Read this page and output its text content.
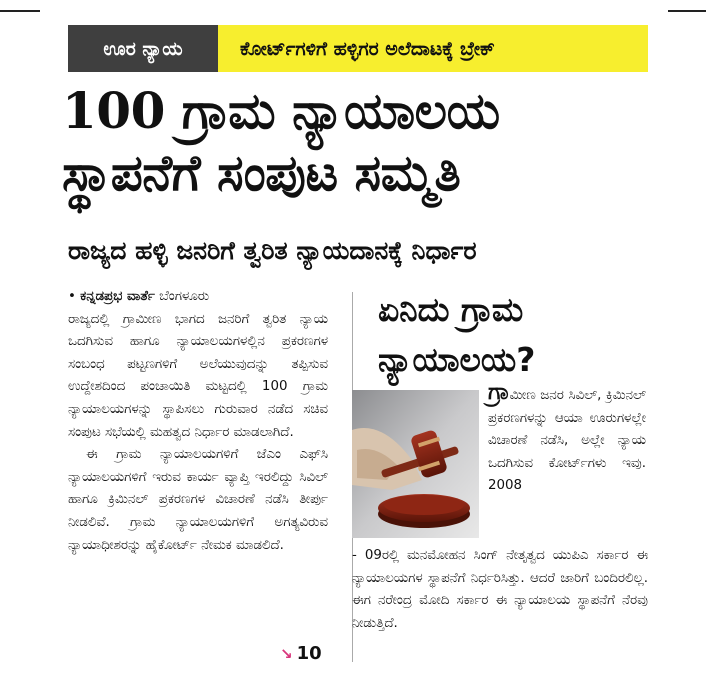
ಊರ ನ್ಯಾಯ	ಕೋರ್ಟ್‌ಗಳಿಗೆ ಹಳ್ಳಿಗರ ಅಲೆದಾಟಕ್ಕೆ ಬ್ರೇಕ್
100 ಗ್ರಾಮ ನ್ಯಾಯಾಲಯ
ಸ್ಥಾಪನೆಗೆ ಸಂಪುಟ ಸಮ್ಮತಿ
ರಾಜ್ಯದ ಹಳ್ಳಿ ಜನರಿಗೆ ತ್ವರಿತ ನ್ಯಾಯದಾನಕ್ಕೆ ನಿರ್ಧಾರ

• ಕನ್ನಡಪ್ರಭ ವಾರ್ತೆ ಬೆಂಗಳೂರು

ರಾಜ್ಯದಲ್ಲಿ ಗ್ರಾಮೀಣ ಭಾಗದ ಜನರಿಗೆ ತ್ವರಿತ ನ್ಯಾಯ ಒದಗಿಸುವ ಹಾಗೂ ನ್ಯಾಯಾಲಯಗಳಲ್ಲಿನ ಪ್ರಕರಣಗಳ ಸಂಬಂಧ ಪಟ್ಟಣಗಳಿಗೆ ಅಲೆಯುವುದನ್ನು ತಪ್ಪಿಸುವ ಉದ್ದೇಶದಿಂದ ಪಂಚಾಯಿತಿ ಮಟ್ಟದಲ್ಲಿ 100 ಗ್ರಾಮ ನ್ಯಾಯಾಲಯಗಳನ್ನು ಸ್ಥಾಪಿಸಲು ಗುರುವಾರ ನಡೆದ ಸಚಿವ ಸಂಪುಟ ಸಭೆಯಲ್ಲಿ ಮಹತ್ವದ ನಿರ್ಧಾರ ಮಾಡಲಾಗಿದೆ.

ಈ ಗ್ರಾಮ ನ್ಯಾಯಾಲಯಗಳಿಗೆ ಜೆಎಂ ಎಫ್‌ಸಿ ನ್ಯಾಯಾಲಯಗಳಿಗೆ ಇರುವ ಕಾರ್ಯ ವ್ಯಾಪ್ತಿ ಇರಲಿದ್ದು ಸಿವಿಲ್ ಹಾಗೂ ಕ್ರಿಮಿನಲ್ ಪ್ರಕರಣಗಳ ವಿಚಾರಣೆ ನಡೆಸಿ ತೀರ್ಪು ನೀಡಲಿವೆ. ಗ್ರಾಮ ನ್ಯಾಯಾಲಯಗಳಿಗೆ ಅಗತ್ಯವಿರುವ ನ್ಯಾಯಾಧೀಶರನ್ನು ಹೈಕೋರ್ಟ್ ನೇಮಕ ಮಾಡಲಿದೆ.

↘ 10
ಏನಿದು ಗ್ರಾಮ
ನ್ಯಾಯಾಲಯ?

ಗ್ರಾಮೀಣ ಜನರ ಸಿವಿಲ್, ಕ್ರಿಮಿನಲ್ ಪ್ರಕರಣಗಳನ್ನು ಆಯಾ ಊರುಗಳಲ್ಲೇ ವಿಚಾರಣೆ ನಡೆಸಿ, ಅಲ್ಲೇ ನ್ಯಾಯ ಒದಗಿಸುವ ಕೋರ್ಟ್‌ಗಳು ಇವು. 2008

- 09ರಲ್ಲಿ ಮನಮೋಹನ ಸಿಂಗ್ ನೇತೃತ್ವದ ಯುಪಿಎ ಸರ್ಕಾರ ಈ ನ್ಯಾಯಾಲಯಗಳ ಸ್ಥಾಪನೆಗೆ ನಿರ್ಧರಿಸಿತ್ತು. ಆದರೆ ಜಾರಿಗೆ ಬಂದಿರಲಿಲ್ಲ. ಈಗ ನರೇಂದ್ರ ಮೋದಿ ಸರ್ಕಾರ ಈ ನ್ಯಾಯಾಲಯ ಸ್ಥಾಪನೆಗೆ ನೆರವು ನೀಡುತ್ತಿದೆ.
